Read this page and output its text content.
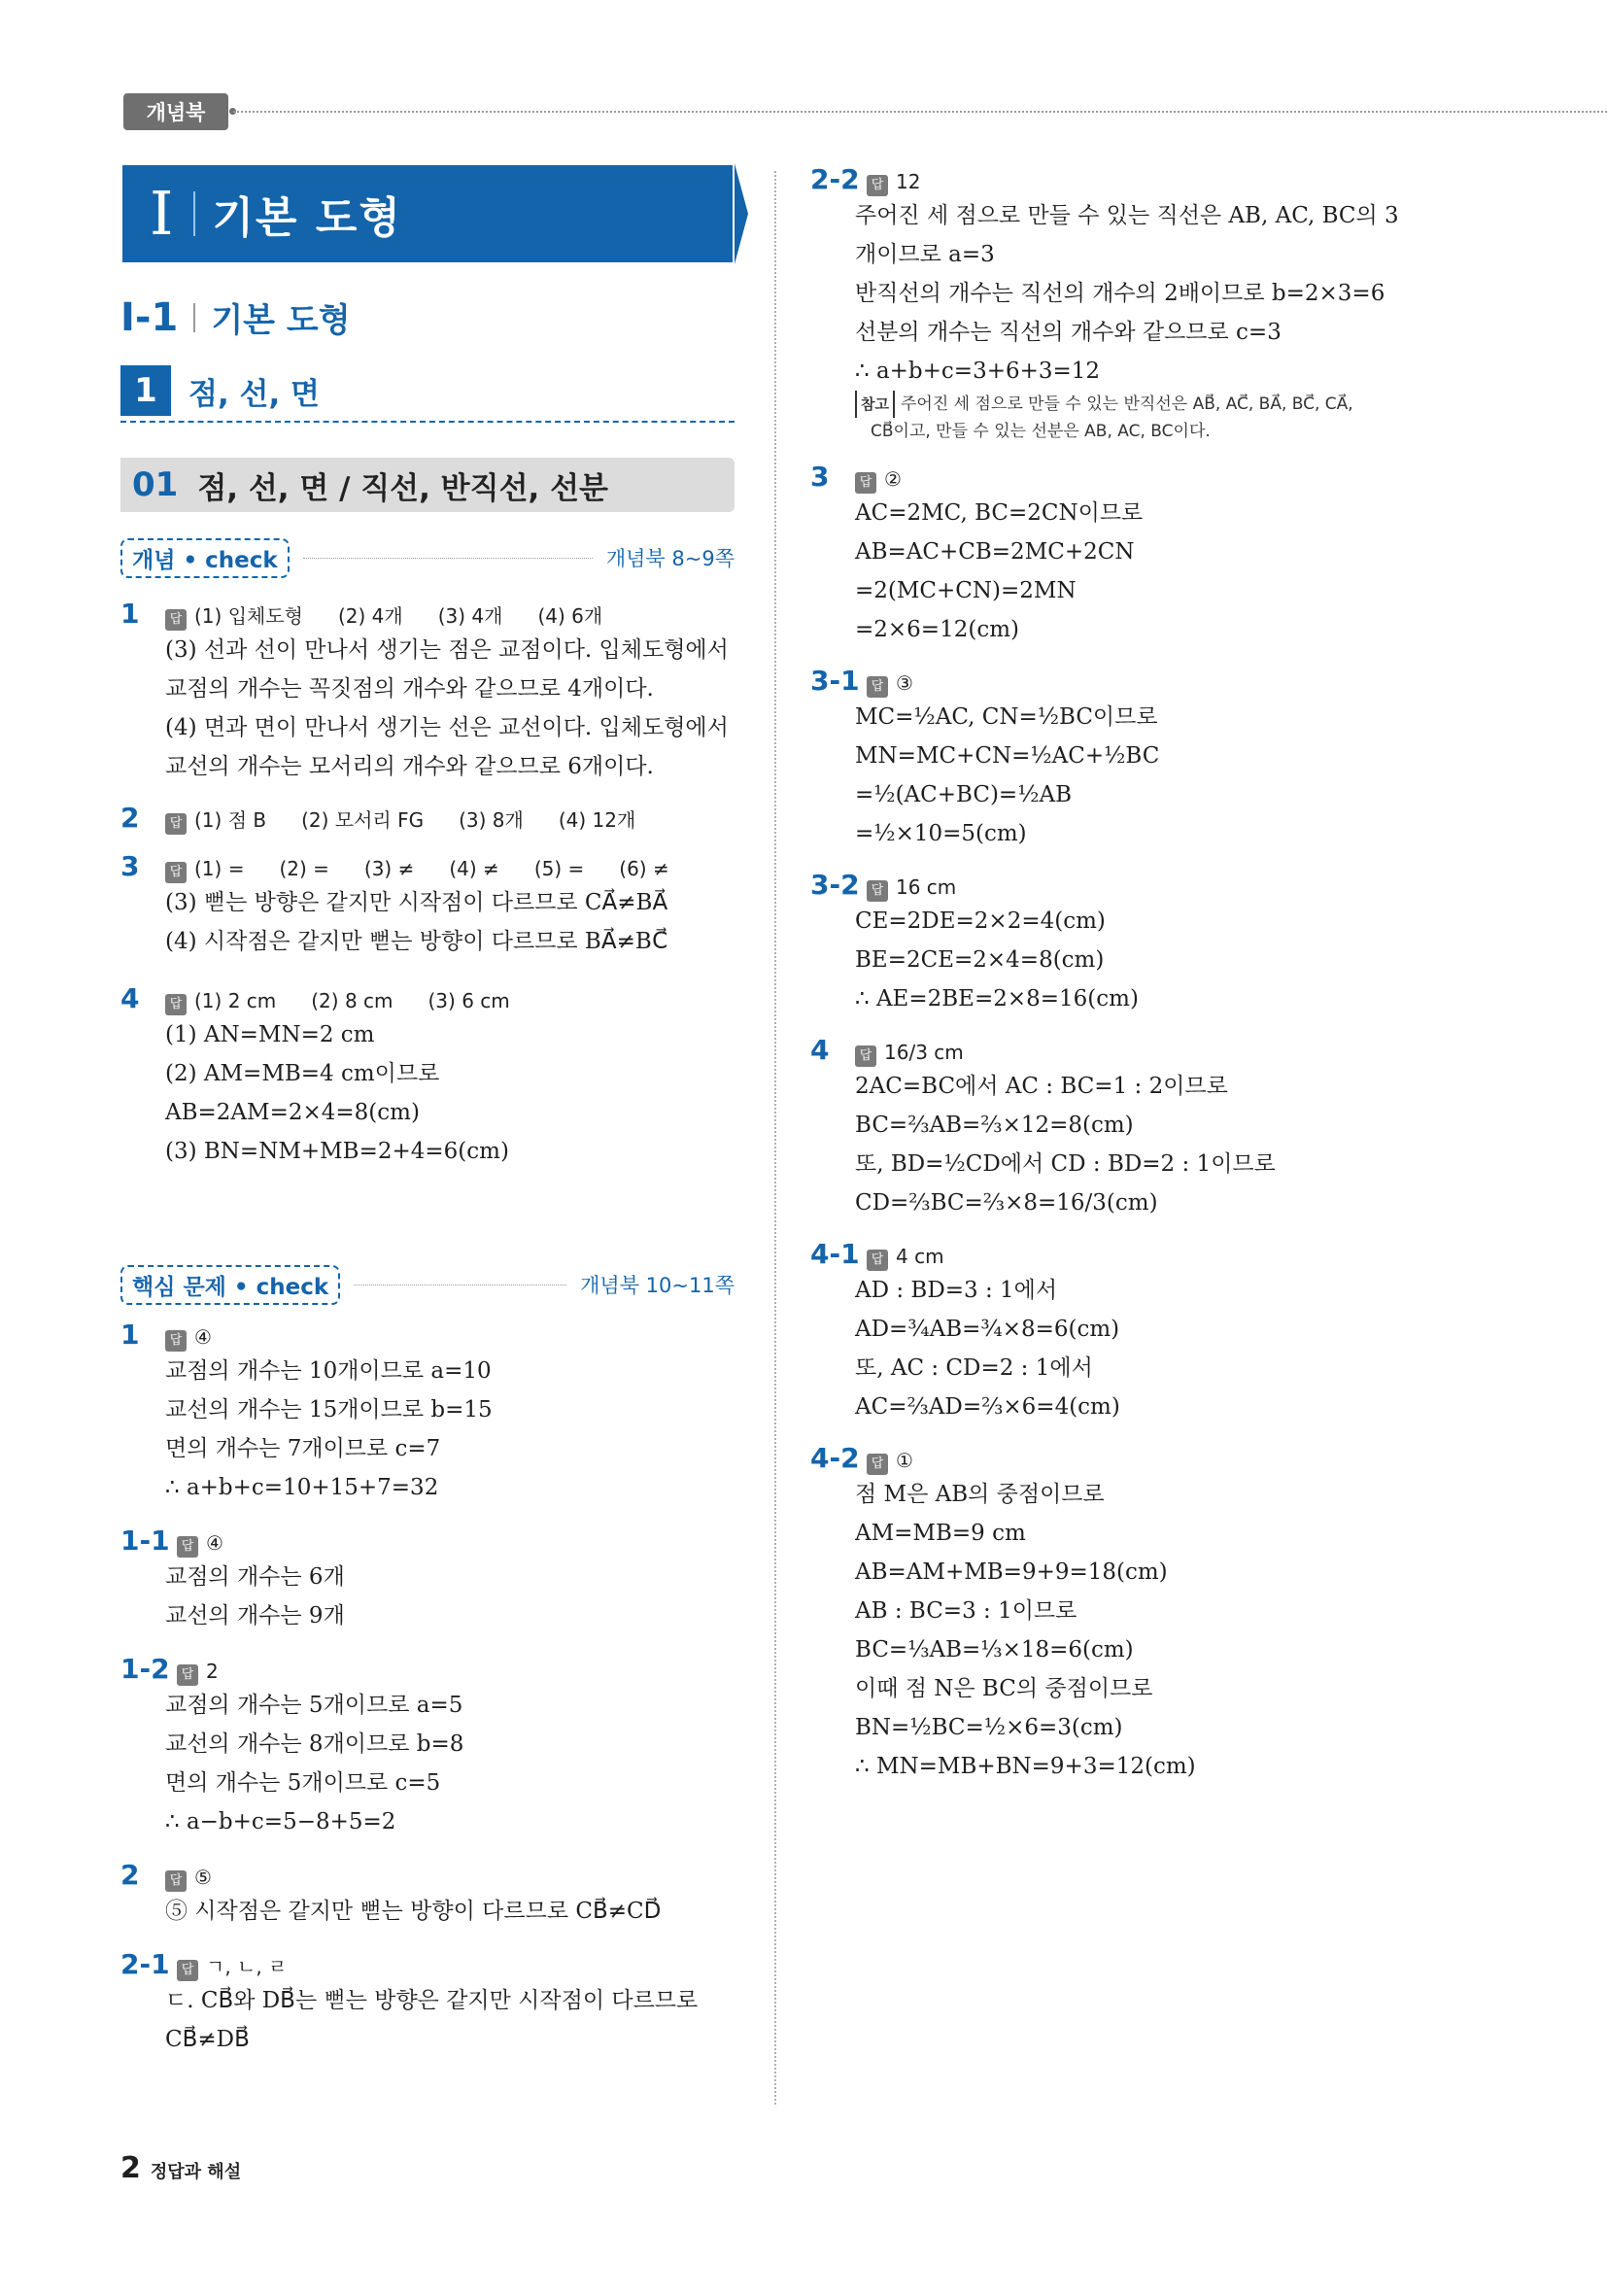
개념북
I 기본 도형
I-1 기본 도형
1	점, 선, 면
01 점, 선, 면 / 직선, 반직선, 선분
개념 • check	개념북 8~9쪽
1	답 (1) 입체도형 (2) 4개 (3) 4개 (4) 6개
(3) 선과 선이 만나서 생기는 점은 교점이다. 입체도형에서
교점의 개수는 꼭짓점의 개수와 같으므로 4개이다.
(4) 면과 면이 만나서 생기는 선은 교선이다. 입체도형에서
교선의 개수는 모서리의 개수와 같으므로 6개이다.
2	답 (1) 점 B (2) 모서리 FG (3) 8개 (4) 12개
3	답 (1) = (2) = (3) ≠ (4) ≠ (5) = (6) ≠
(3) 뻗는 방향은 같지만 시작점이 다르므로 CA⃗≠BA⃗
(4) 시작점은 같지만 뻗는 방향이 다르므로 BA⃗≠BC⃗
4	답 (1) 2 cm (2) 8 cm (3) 6 cm
(1) AN=MN=2 cm
(2) AM=MB=4 cm이므로
AB=2AM=2×4=8(cm)
(3) BN=NM+MB=2+4=6(cm)
핵심 문제 • check	개념북 10~11쪽
1	답 ④
교점의 개수는 10개이므로 a=10
교선의 개수는 15개이므로 b=15
면의 개수는 7개이므로 c=7
∴ a+b+c=10+15+7=32
1-1 답 ④
교점의 개수는 6개
교선의 개수는 9개
1-2 답 2
교점의 개수는 5개이므로 a=5
교선의 개수는 8개이므로 b=8
면의 개수는 5개이므로 c=5
∴ a−b+c=5−8+5=2
2	답 ⑤
⑤ 시작점은 같지만 뻗는 방향이 다르므로 CB⃗≠CD⃗
2-1 답 ㄱ, ㄴ, ㄹ
ㄷ. CB⃗와 DB⃗는 뻗는 방향은 같지만 시작점이 다르므로
CB⃗≠DB⃗
2-2 답 12
주어진 세 점으로 만들 수 있는 직선은 AB, AC, BC의 3
개이므로 a=3
반직선의 개수는 직선의 개수의 2배이므로 b=2×3=6
선분의 개수는 직선의 개수와 같으므로 c=3
∴ a+b+c=3+6+3=12
참고 주어진 세 점으로 만들 수 있는 반직선은 AB⃗, AC⃗, BA⃗, BC⃗, CA⃗,
CB⃗이고, 만들 수 있는 선분은 AB, AC, BC이다.
3	답 ②
AC=2MC, BC=2CN이므로
AB=AC+CB=2MC+2CN
=2(MC+CN)=2MN
=2×6=12(cm)
3-1 답 ③
MC=½AC, CN=½BC이므로
MN=MC+CN=½AC+½BC
=½(AC+BC)=½AB
=½×10=5(cm)
3-2 답 16 cm
CE=2DE=2×2=4(cm)
BE=2CE=2×4=8(cm)
∴ AE=2BE=2×8=16(cm)
4	답 16/3 cm
2AC=BC에서 AC : BC=1 : 2이므로
BC=⅔AB=⅔×12=8(cm)
또, BD=½CD에서 CD : BD=2 : 1이므로
CD=⅔BC=⅔×8=16/3(cm)
4-1 답 4 cm
AD : BD=3 : 1에서
AD=¾AB=¾×8=6(cm)
또, AC : CD=2 : 1에서
AC=⅔AD=⅔×6=4(cm)
4-2 답 ①
점 M은 AB의 중점이므로
AM=MB=9 cm
AB=AM+MB=9+9=18(cm)
AB : BC=3 : 1이므로
BC=⅓AB=⅓×18=6(cm)
이때 점 N은 BC의 중점이므로
BN=½BC=½×6=3(cm)
∴ MN=MB+BN=9+3=12(cm)
2 정답과 해설
